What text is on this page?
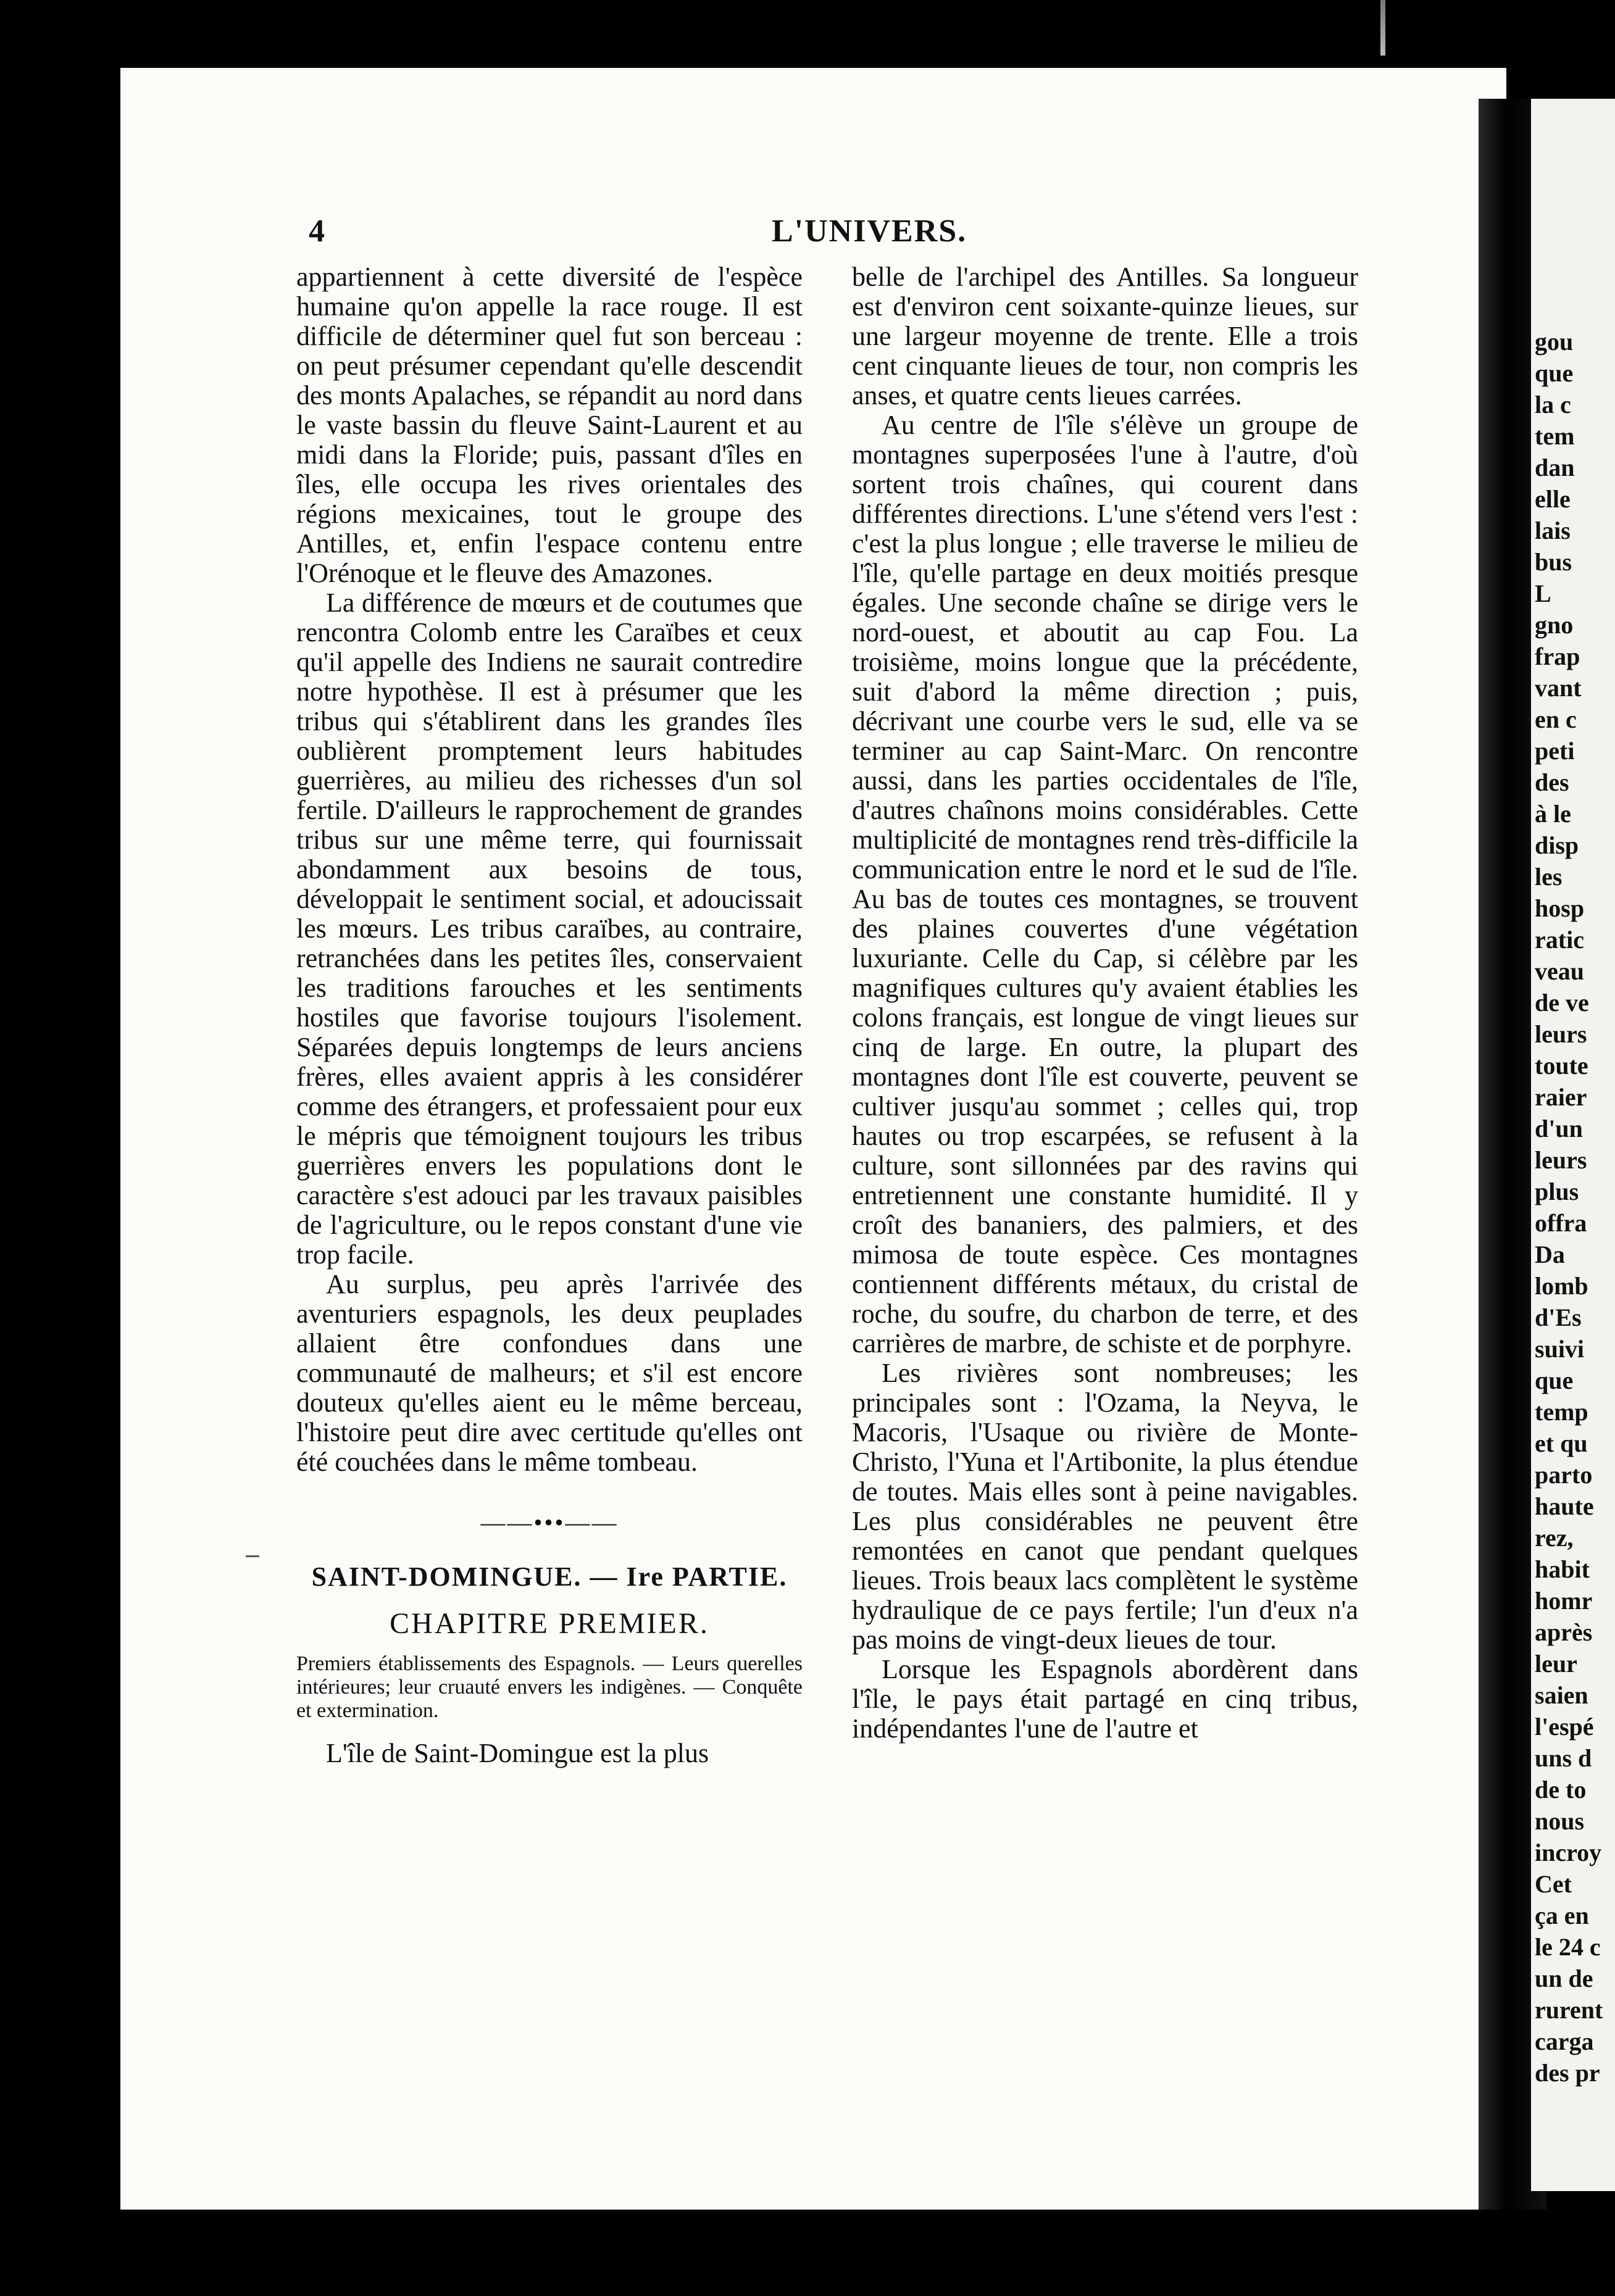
gou
que
la c
tem
dan
elle
lais
bus
L
gno
frap
vant
en c
peti
des
à le
disp
les
hosp
ratic
veau
de ve
leurs
toute
raier
d'un
leurs
plus
offra
Da
lomb
d'Es
suivi
que
temp
et qu
parto
haute
rez,
habit
homr
après
leur
saien
l'espé
uns d
de to
nous
incroy
Cet
ça en
le 24 c
un de
rurent
carga
des pr
4	L'UNIVERS.

appartiennent à cette diversité de l'espèce humaine qu'on appelle la race rouge. Il est difficile de déterminer quel fut son berceau : on peut présumer cependant qu'elle descendit des monts Apalaches, se répandit au nord dans le vaste bassin du fleuve Saint-Laurent et au midi dans la Floride; puis, passant d'îles en îles, elle occupa les rives orientales des régions mexicaines, tout le groupe des Antilles, et, enfin l'espace contenu entre l'Orénoque et le fleuve des Amazones.

La différence de mœurs et de coutumes que rencontra Colomb entre les Caraïbes et ceux qu'il appelle des Indiens ne saurait contredire notre hypothèse. Il est à présumer que les tribus qui s'établirent dans les grandes îles oublièrent promptement leurs habitudes guerrières, au milieu des richesses d'un sol fertile. D'ailleurs le rapprochement de grandes tribus sur une même terre, qui fournissait abondamment aux besoins de tous, développait le sentiment social, et adoucissait les mœurs. Les tribus caraïbes, au contraire, retranchées dans les petites îles, conservaient les traditions farouches et les sentiments hostiles que favorise toujours l'isolement. Séparées depuis longtemps de leurs anciens frères, elles avaient appris à les considérer comme des étrangers, et professaient pour eux le mépris que témoignent toujours les tribus guerrières envers les populations dont le caractère s'est adouci par les travaux paisibles de l'agriculture, ou le repos constant d'une vie trop facile.

Au surplus, peu après l'arrivée des aventuriers espagnols, les deux peuplades allaient être confondues dans une communauté de malheurs; et s'il est encore douteux qu'elles aient eu le même berceau, l'histoire peut dire avec certitude qu'elles ont été couchées dans le même tombeau.

——•••——
SAINT-DOMINGUE. — Ire PARTIE.
CHAPITRE PREMIER.
Premiers établissements des Espagnols. — Leurs querelles intérieures; leur cruauté envers les indigènes. — Conquête et extermination.

L'île de Saint-Domingue est la plus

belle de l'archipel des Antilles. Sa longueur est d'environ cent soixante-quinze lieues, sur une largeur moyenne de trente. Elle a trois cent cinquante lieues de tour, non compris les anses, et quatre cents lieues carrées.

Au centre de l'île s'élève un groupe de montagnes superposées l'une à l'autre, d'où sortent trois chaînes, qui courent dans différentes directions. L'une s'étend vers l'est : c'est la plus longue ; elle traverse le milieu de l'île, qu'elle partage en deux moitiés presque égales. Une seconde chaîne se dirige vers le nord-ouest, et aboutit au cap Fou. La troisième, moins longue que la précédente, suit d'abord la même direction ; puis, décrivant une courbe vers le sud, elle va se terminer au cap Saint-Marc. On rencontre aussi, dans les parties occidentales de l'île, d'autres chaînons moins considérables. Cette multiplicité de montagnes rend très-difficile la communication entre le nord et le sud de l'île. Au bas de toutes ces montagnes, se trouvent des plaines couvertes d'une végétation luxuriante. Celle du Cap, si célèbre par les magnifiques cultures qu'y avaient établies les colons français, est longue de vingt lieues sur cinq de large. En outre, la plupart des montagnes dont l'île est couverte, peuvent se cultiver jusqu'au sommet ; celles qui, trop hautes ou trop escarpées, se refusent à la culture, sont sillonnées par des ravins qui entretiennent une constante humidité. Il y croît des bananiers, des palmiers, et des mimosa de toute espèce. Ces montagnes contiennent différents métaux, du cristal de roche, du soufre, du charbon de terre, et des carrières de marbre, de schiste et de porphyre.

Les rivières sont nombreuses; les principales sont : l'Ozama, la Neyva, le Macoris, l'Usaque ou rivière de Monte-Christo, l'Yuna et l'Artibonite, la plus étendue de toutes. Mais elles sont à peine navigables. Les plus considérables ne peuvent être remontées en canot que pendant quelques lieues. Trois beaux lacs complètent le système hydraulique de ce pays fertile; l'un d'eux n'a pas moins de vingt-deux lieues de tour.

Lorsque les Espagnols abordèrent dans l'île, le pays était partagé en cinq tribus, indépendantes l'une de l'autre et
